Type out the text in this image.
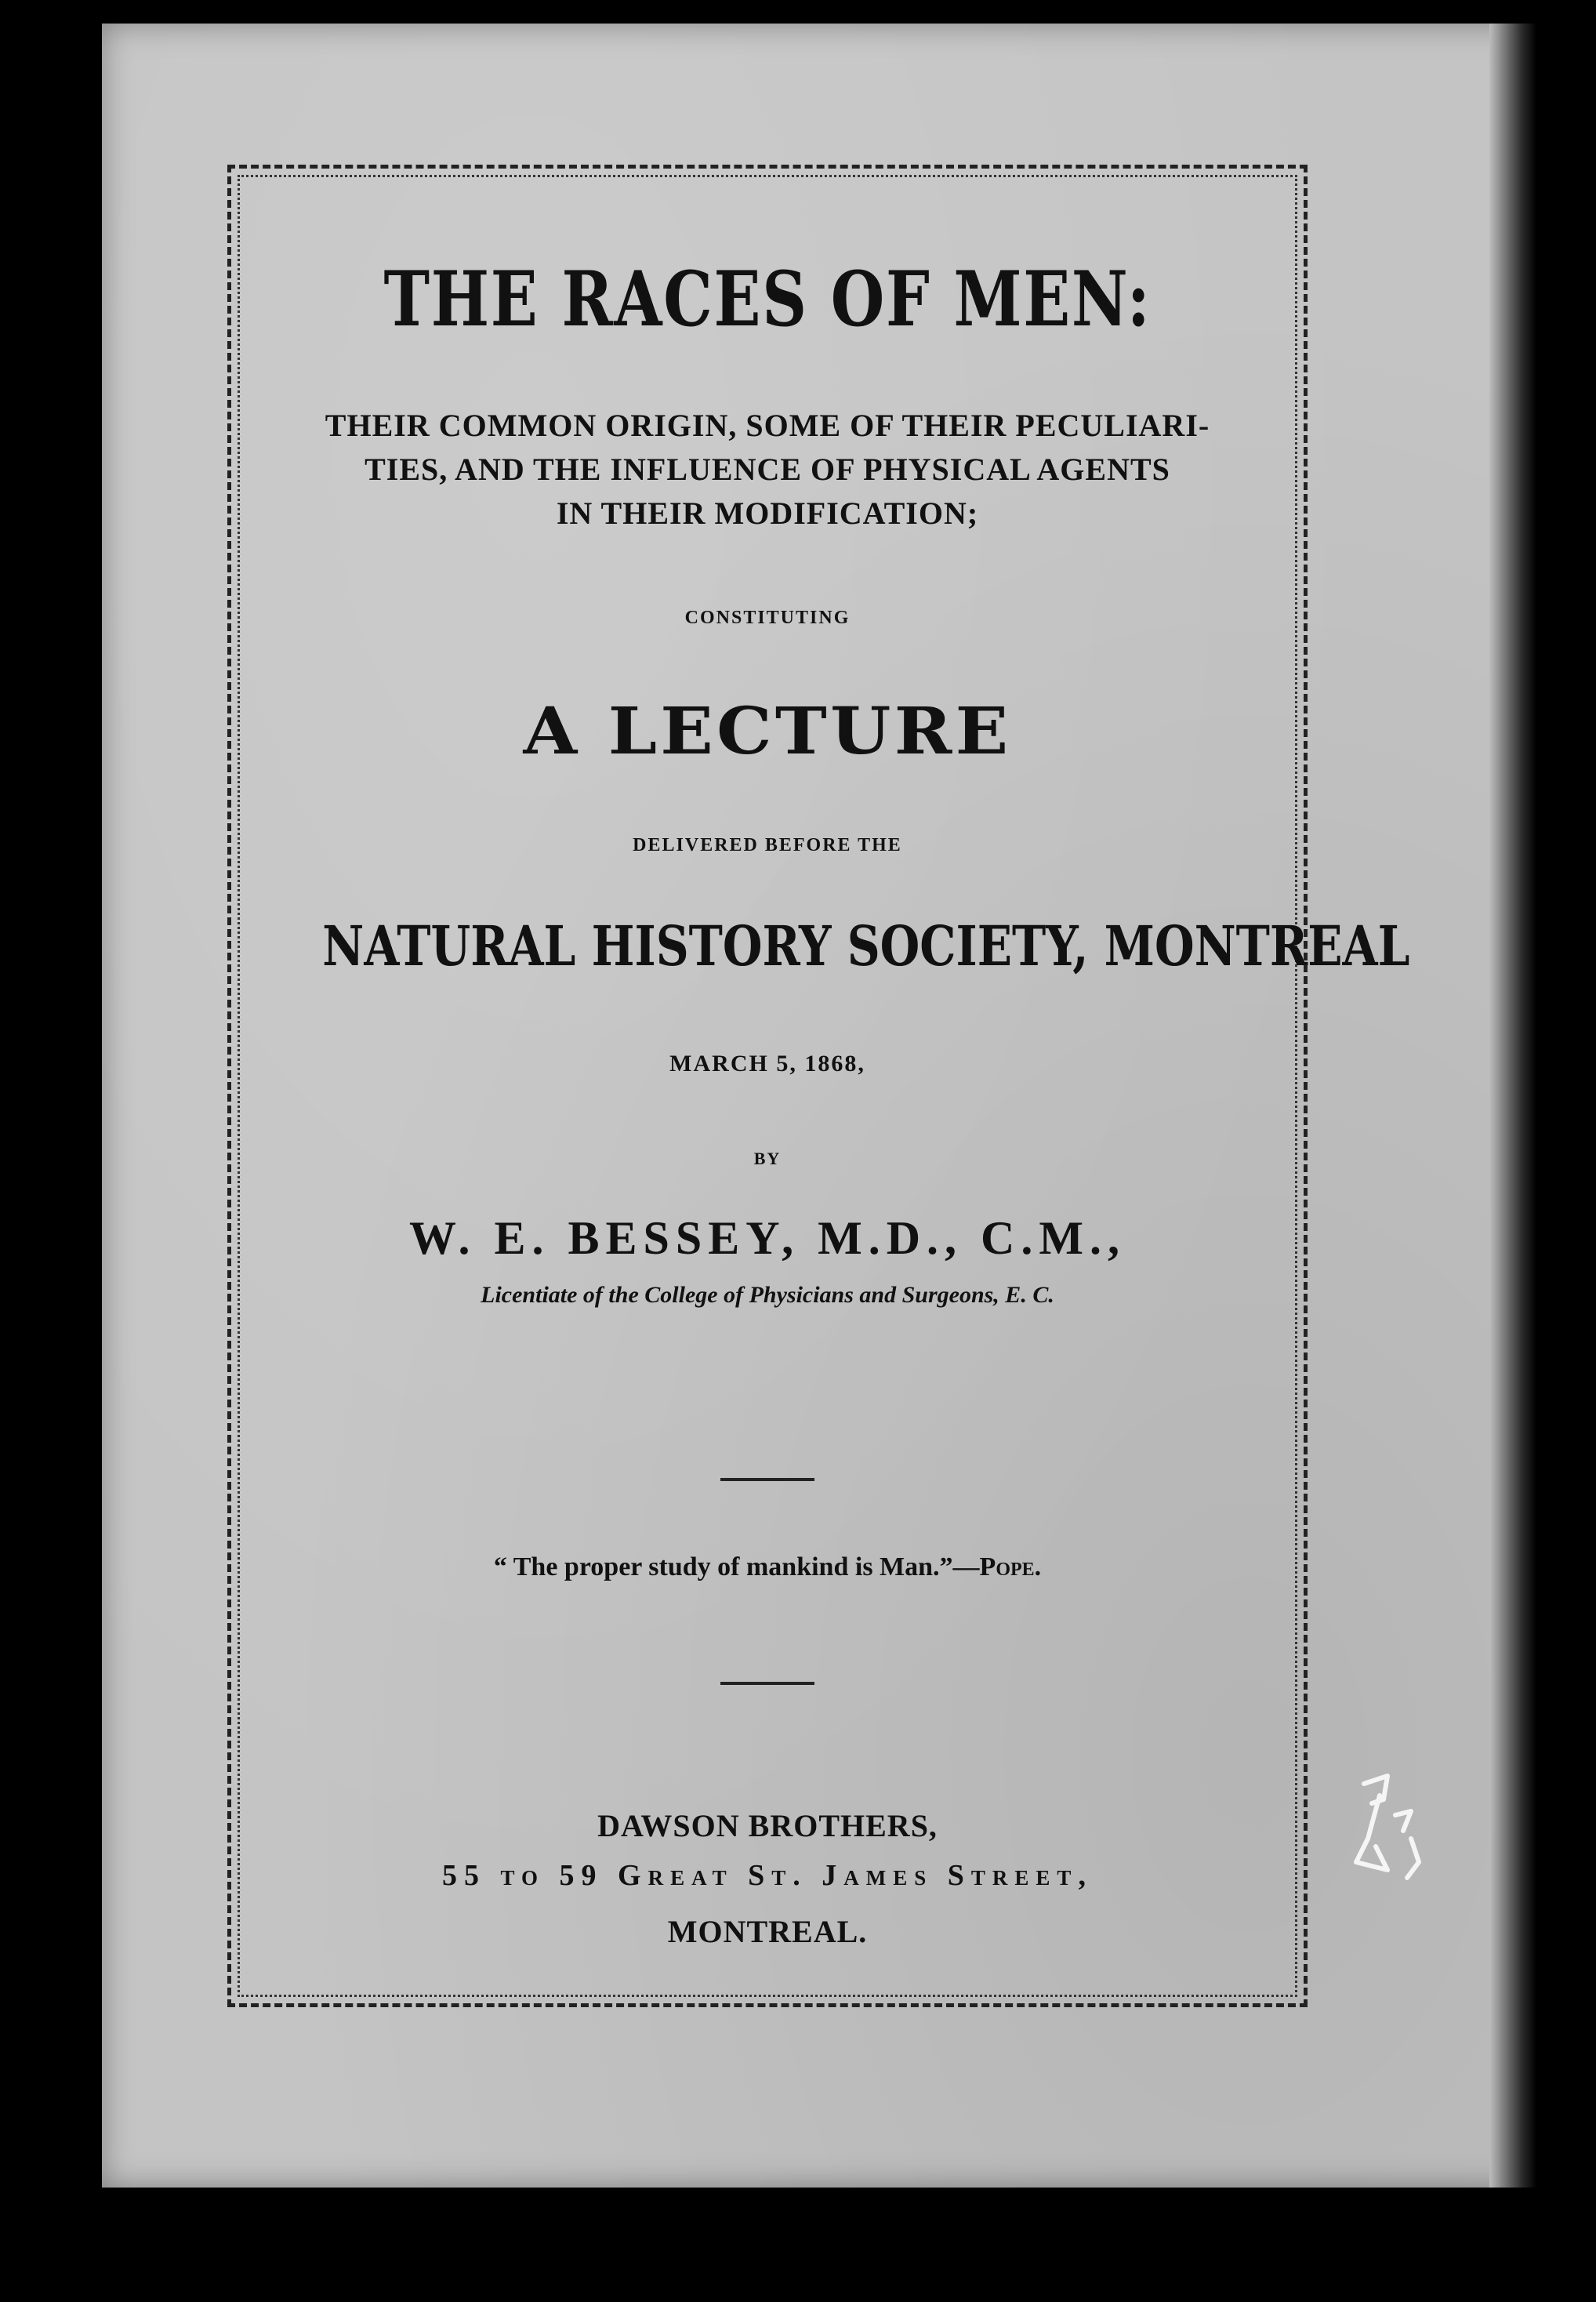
THE RACES OF MEN:
THEIR COMMON ORIGIN, SOME OF THEIR PECULIARI-
TIES, AND THE INFLUENCE OF PHYSICAL AGENTS
IN THEIR MODIFICATION;
CONSTITUTING
A LECTURE
DELIVERED BEFORE THE
NATURAL HISTORY SOCIETY, MONTREAL
MARCH 5, 1868,
BY
W. E. BESSEY, M.D., C.M.,
Licentiate of the College of Physicians and Surgeons, E. C.
“ The proper study of mankind is Man.”—Pope.
DAWSON BROTHERS,
55 to 59 Great St. James Street,
MONTREAL.
